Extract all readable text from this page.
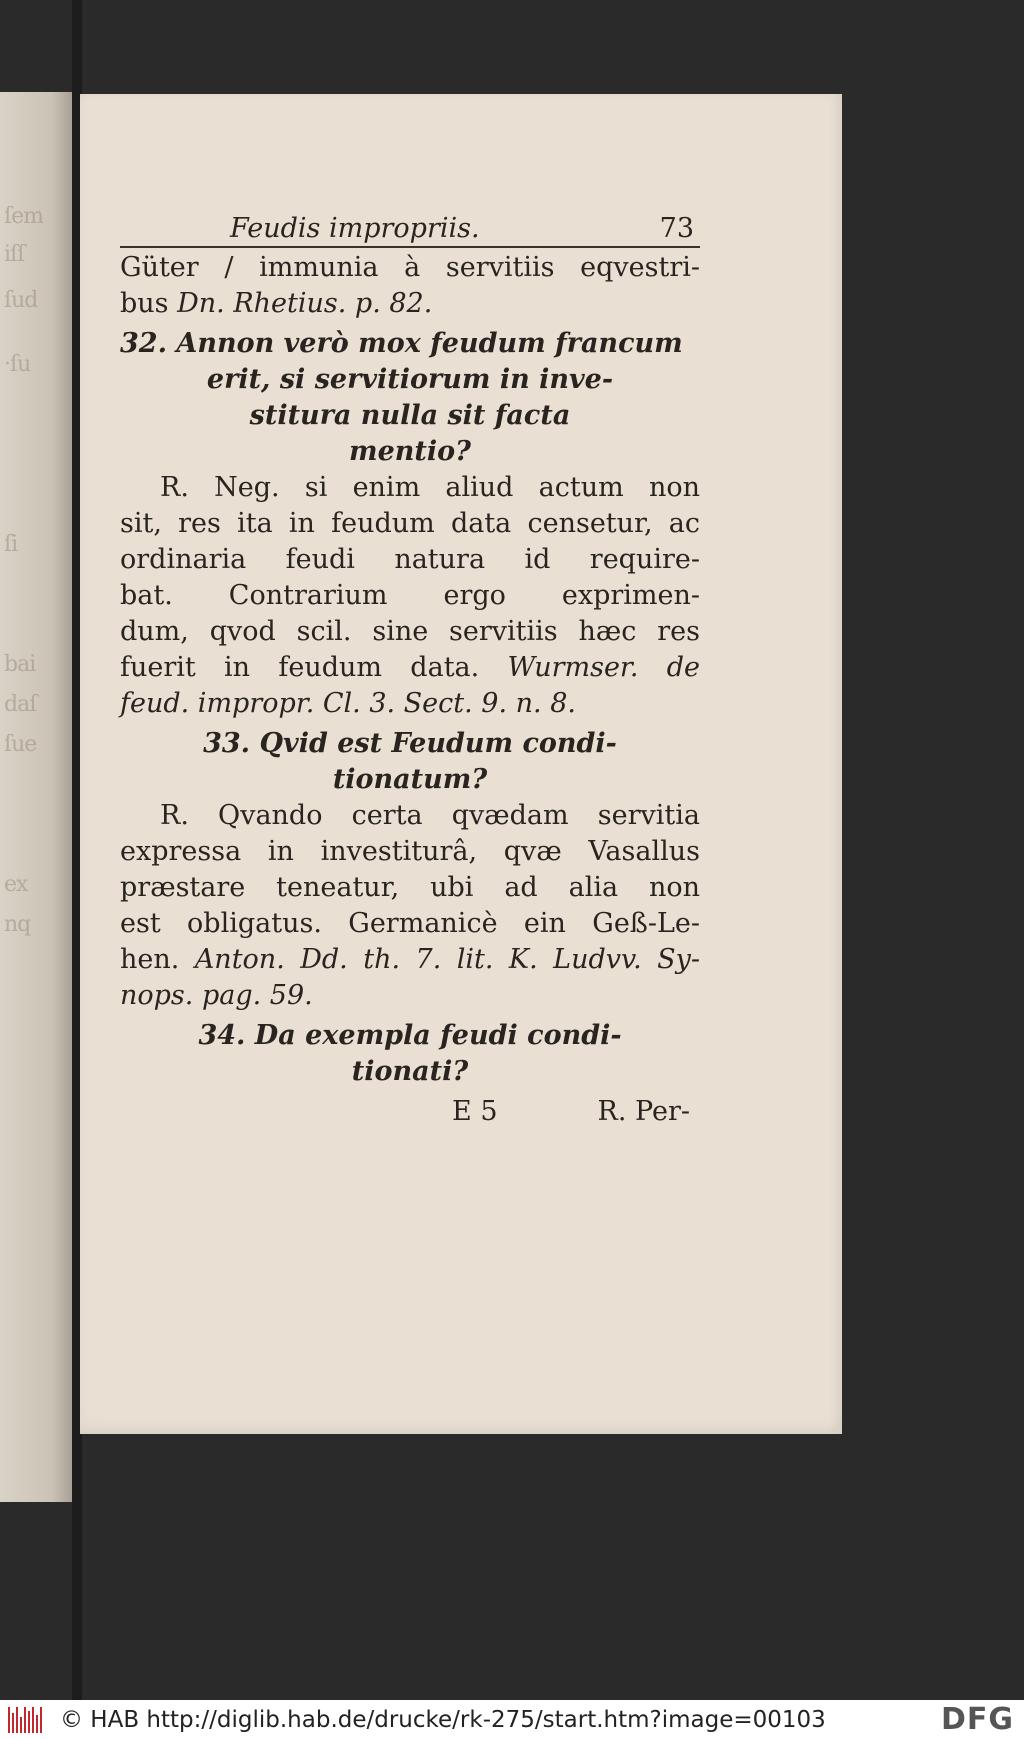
ſem
iſſ
ſud
·ſu
ſi
bai
daſ
ſue
ex
nq
Feudis impropriis.	73

Güter / immunia à servitiis eqvestri-

bus Dn. Rhetius. p. 82.

32. Annon verò mox feudum francum

erit, si servitiorum in inve-

stitura nulla sit facta

mentio?

R. Neg. si enim aliud actum non

sit, res ita in feudum data censetur, ac

ordinaria feudi natura id require-

bat. Contrarium ergo exprimen-

dum, qvod scil. sine servitiis hæc res

fuerit in feudum data. Wurmser. de

feud. impropr. Cl. 3. Sect. 9. n. 8.

33. Qvid est Feudum condi-

tionatum?

R. Qvando certa qvædam servitia

expressa in investiturâ, qvæ Vasallus

præstare teneatur, ubi ad alia non

est obligatus. Germanicè ein Geß-Le-

hen. Anton. Dd. th. 7. lit. K. Ludvv. Sy-

nops. pag. 59.

34. Da exempla feudi condi-

tionati?

E 5	R. Per-
© HAB http://diglib.hab.de/drucke/rk-275/start.htm?image=00103	DFG
